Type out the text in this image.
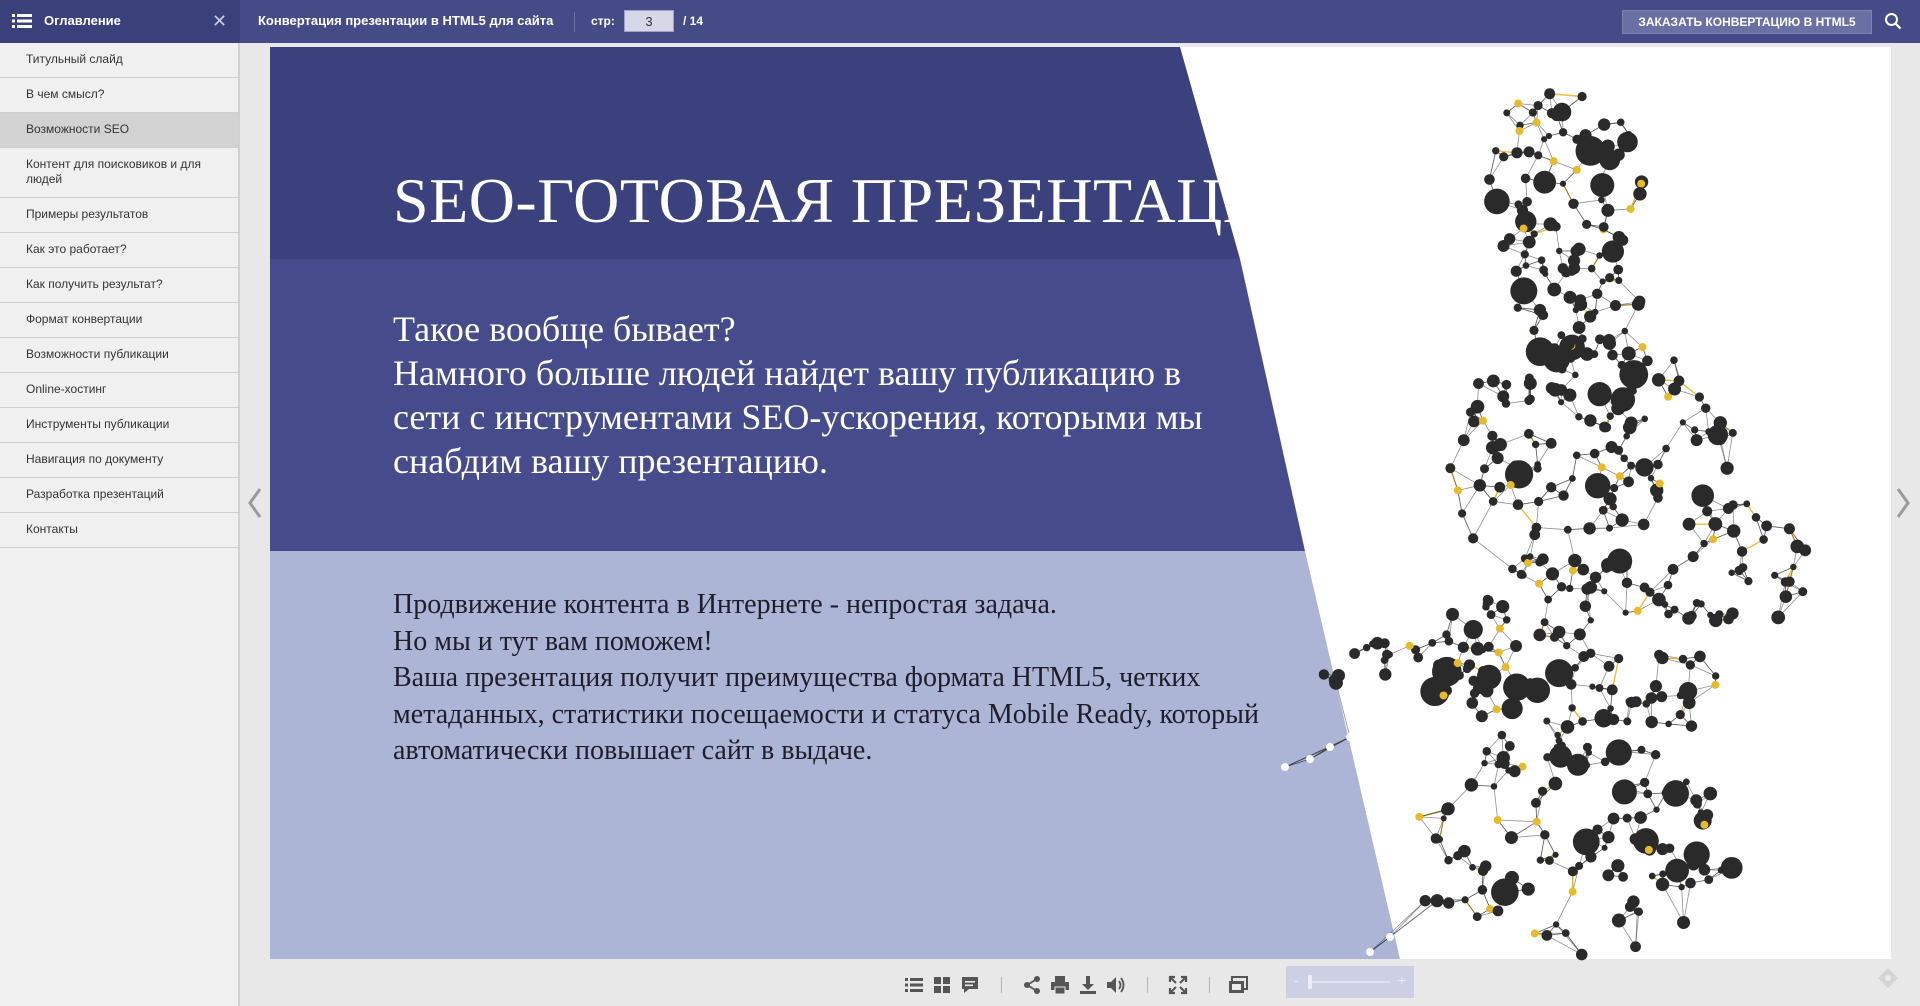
Оглавление	✕ Конвертация презентации в HTML5 для сайта	стр:
3	/ 14	ЗАКАЗАТЬ КОНВЕРТАЦИЮ В HTML5
Титульный слайд
В чем смысл?
Возможности SEO
Контент для поисковиков и для людей
Примеры результатов
Как это работает?
Как получить результат?
Формат конвертации
Возможности публикации
Online-хостинг
Инструменты публикации
Навигация по документу
Разработка презентаций
Контакты
SEO-ГОТОВАЯ ПРЕЗЕНТАЦИЯ
Такое вообще бывает?
Намного больше людей найдет вашу публикацию в сети с инструментами SEO-ускорения, которыми мы снабдим вашу презентацию.
Продвижение контента в Интернете - непростая задача.
Но мы и тут вам поможем!
Ваша презентация получит преимущества формата HTML5, четких метаданных, статистики посещаемости и статуса Mobile Ready, который автоматически повышает сайт в выдаче.
-	+
